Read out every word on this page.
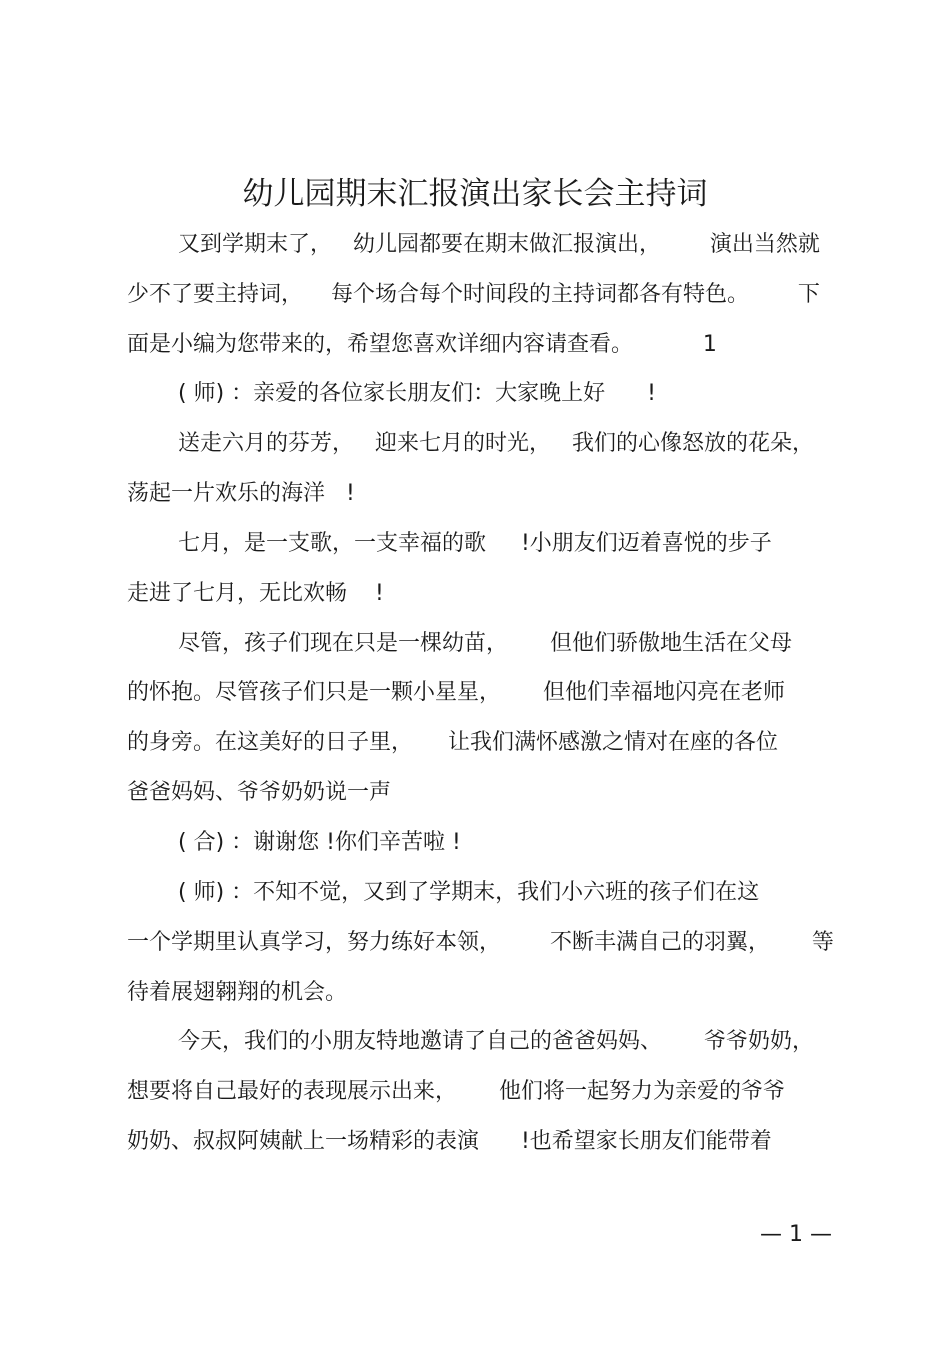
幼儿园期末汇报演出家长会主持词
又到学期末了，   幼儿园都要在期末做汇报演出，       演出当然就
少不了要主持词，    每个场合每个时间段的主持词都各有特色。       下
面是小编为您带来的，希望您喜欢详细内容请查看。          1
( 师) ：亲爱的各位家长朋友们：大家晚上好      !
送走六月的芬芳，   迎来七月的时光，   我们的心像怒放的花朵，
荡起一片欢乐的海洋   !
七月，是一支歌，一支幸福的歌     !小朋友们迈着喜悦的步子
走进了七月，无比欢畅    !
尽管，孩子们现在只是一棵幼苗，      但他们骄傲地生活在父母
的怀抱。尽管孩子们只是一颗小星星，      但他们幸福地闪亮在老师
的身旁。在这美好的日子里，     让我们满怀感激之情对在座的各位
爸爸妈妈、爷爷奶奶说一声
( 合) ：谢谢您 !你们辛苦啦 !
( 师) ：不知不觉，又到了学期末，我们小六班的孩子们在这
一个学期里认真学习，努力练好本领，       不断丰满自己的羽翼，      等
待着展翅翱翔的机会。
今天，我们的小朋友特地邀请了自己的爸爸妈妈、      爷爷奶奶，
想要将自己最好的表现展示出来，      他们将一起努力为亲爱的爷爷
奶奶、叔叔阿姨献上一场精彩的表演      !也希望家长朋友们能带着
— 1 —
